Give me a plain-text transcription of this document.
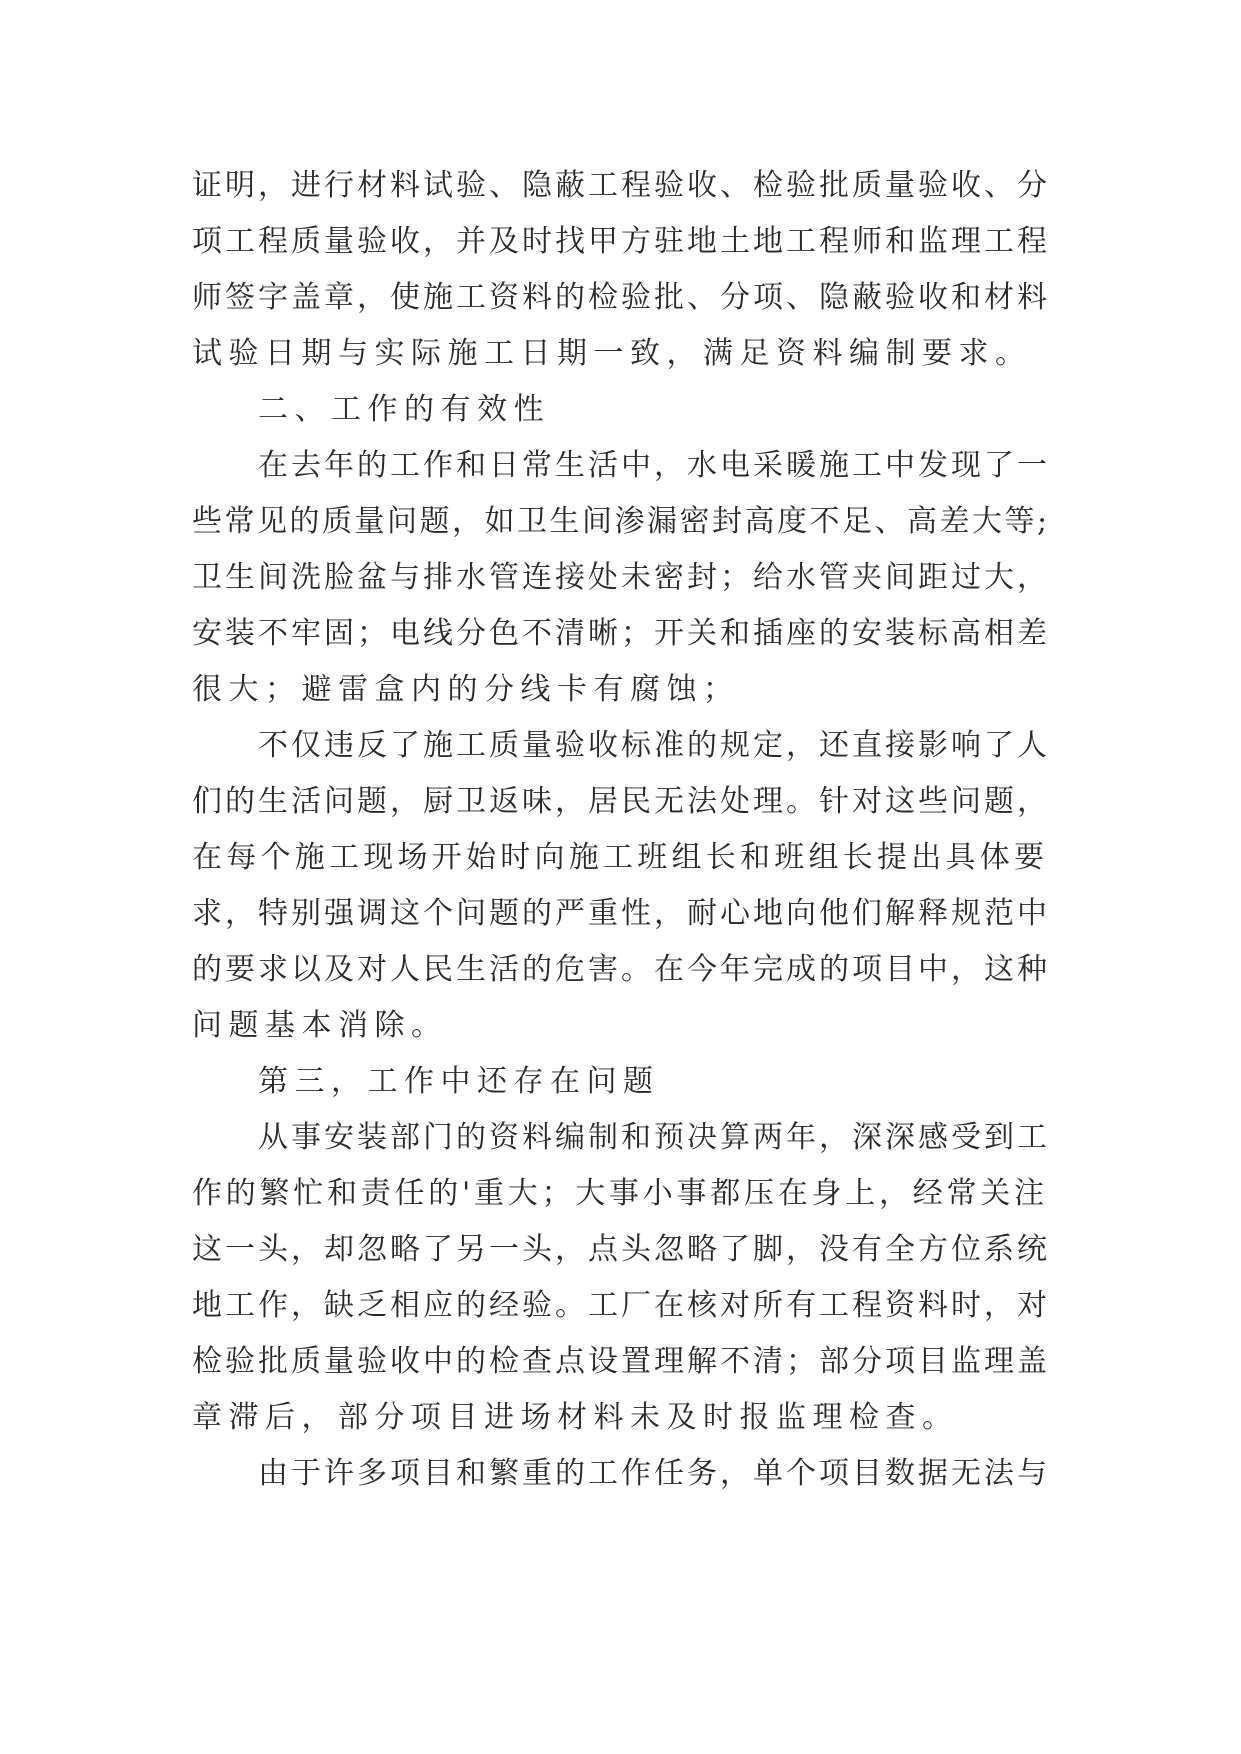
证明，进行材料试验、隐蔽工程验收、检验批质量验收、分
项工程质量验收，并及时找甲方驻地土地工程师和监理工程
师签字盖章，使施工资料的检验批、分项、隐蔽验收和材料
试验日期与实际施工日期一致，满足资料编制要求。
二、工作的有效性
在去年的工作和日常生活中，水电采暖施工中发现了一
些常见的质量问题，如卫生间渗漏密封高度不足、高差大等;
卫生间洗脸盆与排水管连接处未密封；给水管夹间距过大，
安装不牢固；电线分色不清晰；开关和插座的安装标高相差
很大；避雷盒内的分线卡有腐蚀；
不仅违反了施工质量验收标准的规定，还直接影响了人
们的生活问题，厨卫返味，居民无法处理。针对这些问题，
在每个施工现场开始时向施工班组长和班组长提出具体要
求，特别强调这个问题的严重性，耐心地向他们解释规范中
的要求以及对人民生活的危害。在今年完成的项目中，这种
问题基本消除。
第三，工作中还存在问题
从事安装部门的资料编制和预决算两年，深深感受到工
作的繁忙和责任的'重大；大事小事都压在身上，经常关注
这一头，却忽略了另一头，点头忽略了脚，没有全方位系统
地工作，缺乏相应的经验。工厂在核对所有工程资料时，对
检验批质量验收中的检查点设置理解不清；部分项目监理盖
章滞后，部分项目进场材料未及时报监理检查。
由于许多项目和繁重的工作任务，单个项目数据无法与
